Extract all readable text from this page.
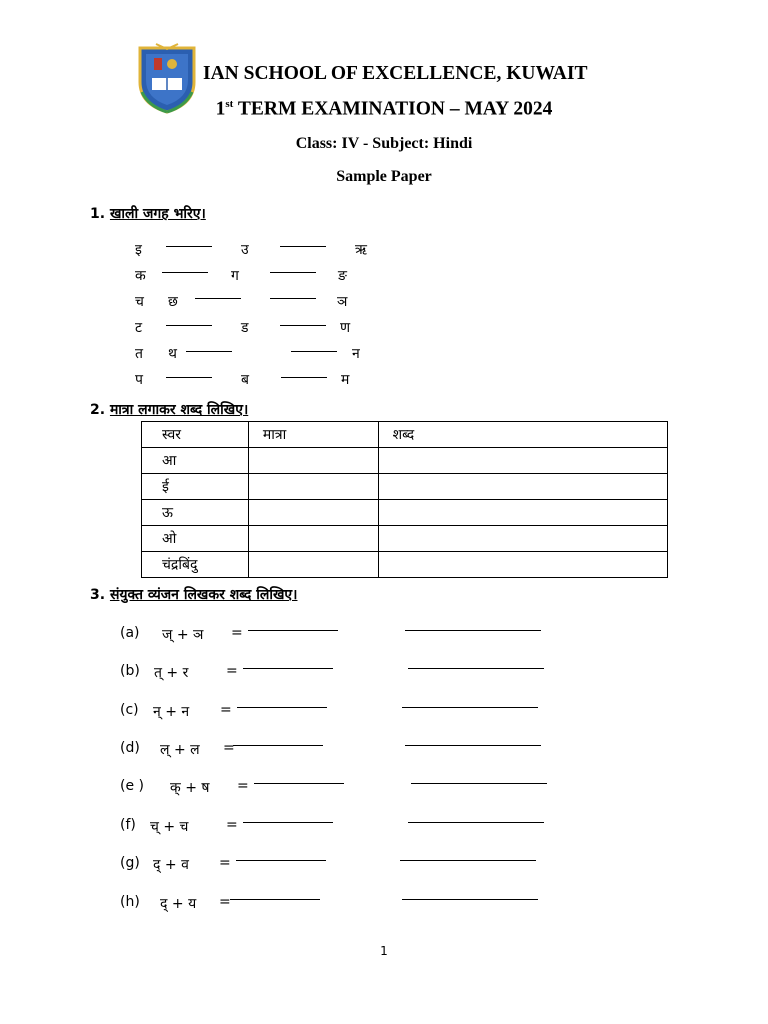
IAN SCHOOL OF EXCELLENCE, KUWAIT
1st TERM EXAMINATION – MAY 2024
Class: IV - Subject: Hindi
Sample Paper
1. खाली जगह भरिए।
इ	उ	ऋ
क	ग	ङ
च छ	ञ
ट	ड	ण
त थ	न
प	ब	म
2. मात्रा लगाकर शब्द लिखिए।
स्वर	मात्रा	शब्द
आ		
ई		
ऊ		
ओ		
चंद्रबिंदु		
3. संयुक्त व्यंजन लिखकर शब्द लिखिए।
(a) ज् + ञ =
(b) त् + र	=
(c) न् + न =
(d) ल् + ल =
(e ) क् + ष =
(f) च् + च	=
(g) द् + व =
(h) द् + य =
1
